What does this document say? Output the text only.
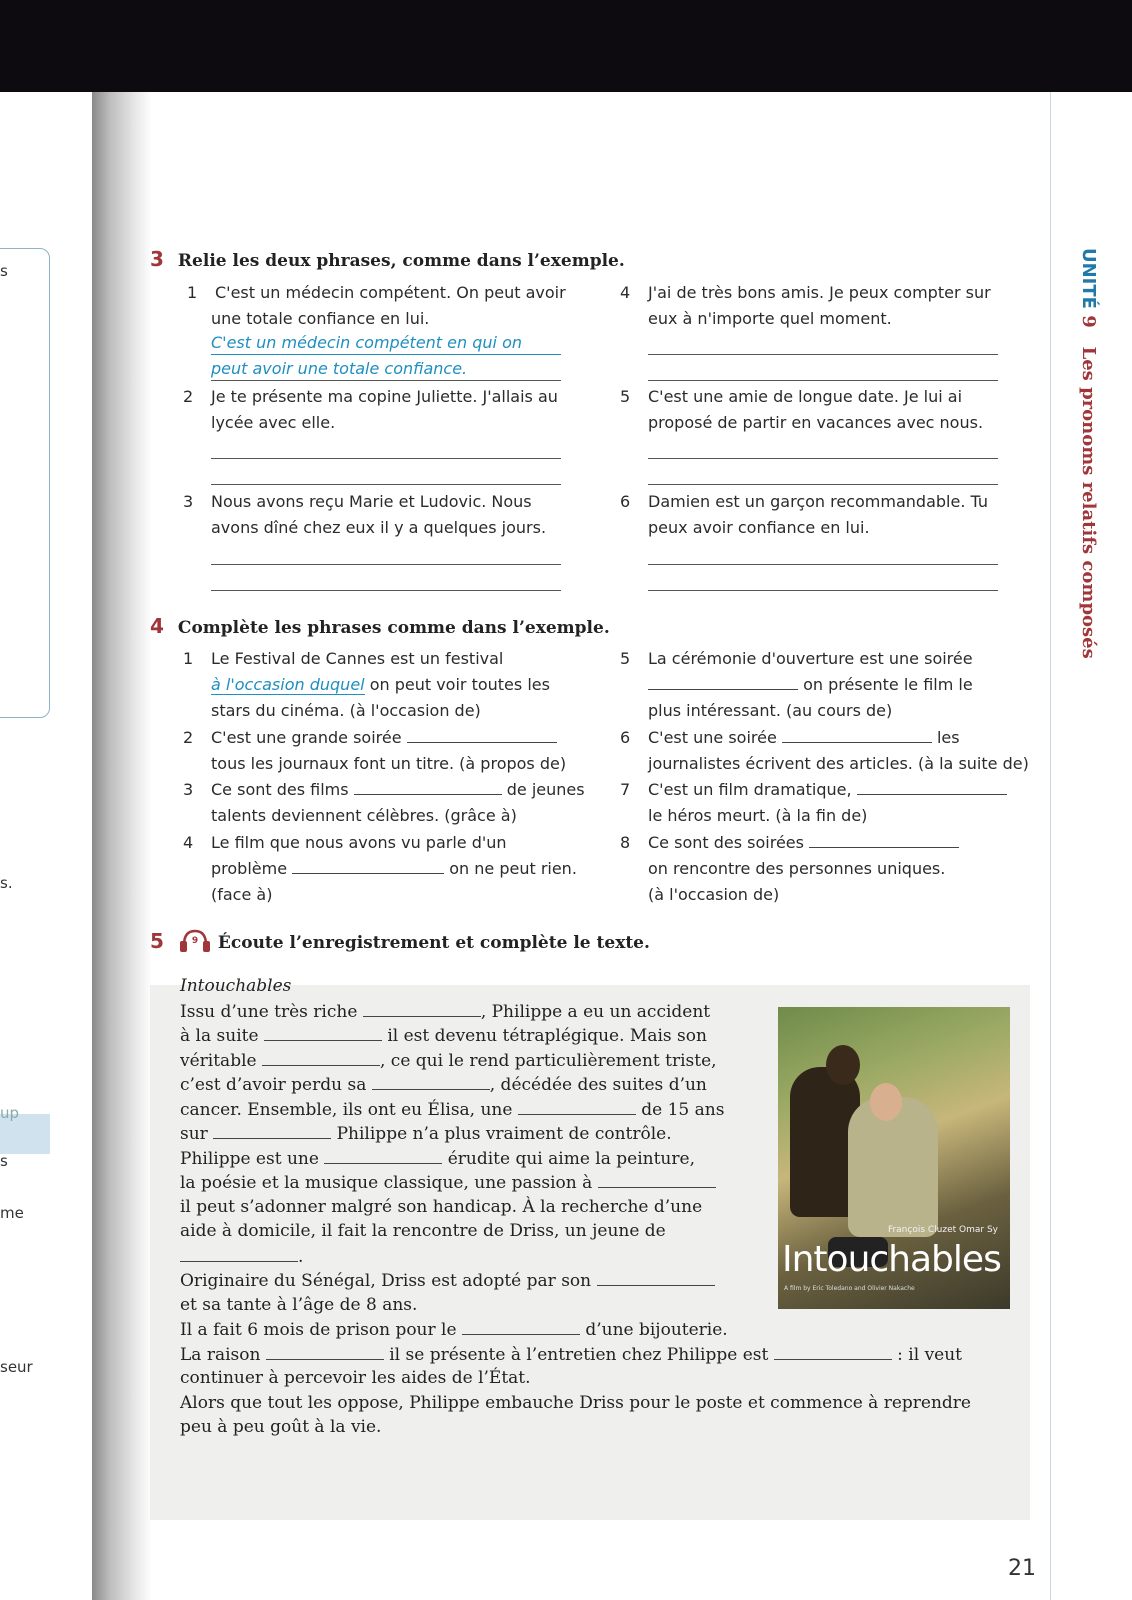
s
s.
up
s
me
seur
UNITÉ 9   Les pronoms relatifs composés
3 Relie les deux phrases, comme dans l’exemple.
1 C'est un médecin compétent. On peut avoir
une totale confiance en lui.
C'est un médecin compétent en qui on
peut avoir une totale confiance.
2 Je te présente ma copine Juliette. J'allais au
lycée avec elle.
3 Nous avons reçu Marie et Ludovic. Nous
avons dîné chez eux il y a quelques jours.
4 J'ai de très bons amis. Je peux compter sur
eux à n'importe quel moment.
5 C'est une amie de longue date. Je lui ai
proposé de partir en vacances avec nous.
6 Damien est un garçon recommandable. Tu
peux avoir confiance en lui.
4 Complète les phrases comme dans l’exemple.
1 Le Festival de Cannes est un festival
à l'occasion duquel on peut voir toutes les
stars du cinéma. (à l'occasion de)
2 C'est une grande soirée
tous les journaux font un titre. (à propos de)
3 Ce sont des films	de jeunes
talents deviennent célèbres. (grâce à)
4 Le film que nous avons vu parle d'un
problème	on ne peut rien.
(face à)
5 La cérémonie d'ouverture est une soirée
on présente le film le
plus intéressant. (au cours de)
6 C'est une soirée	les
journalistes écrivent des articles. (à la suite de)
7 C'est un film dramatique,
le héros meurt. (à la fin de)
8 Ce sont des soirées
on rencontre des personnes uniques.
(à l'occasion de)
5	9 Écoute l’enregistrement et complète le texte.
Intouchables
Issu d’une très riche	, Philippe a eu un accident
à la suite	il est devenu tétraplégique. Mais son
véritable	, ce qui le rend particulièrement triste,
c’est d’avoir perdu sa	, décédée des suites d’un
cancer. Ensemble, ils ont eu Élisa, une	de 15 ans
sur	Philippe n’a plus vraiment de contrôle.
Philippe est une	érudite qui aime la peinture,
la poésie et la musique classique, une passion à
il peut s’adonner malgré son handicap. À la recherche d’une
aide à domicile, il fait la rencontre de Driss, un jeune de
.
Originaire du Sénégal, Driss est adopté par son
et sa tante à l’âge de 8 ans.
Il a fait 6 mois de prison pour le	d’une bijouterie.
La raison	il se présente à l’entretien chez Philippe est	: il veut
continuer à percevoir les aides de l’État.
Alors que tout les oppose, Philippe embauche Driss pour le poste et commence à reprendre
peu à peu goût à la vie.
François Cluzet Omar Sy
Intouchables
A film by Eric Toledano and Olivier Nakache
21
